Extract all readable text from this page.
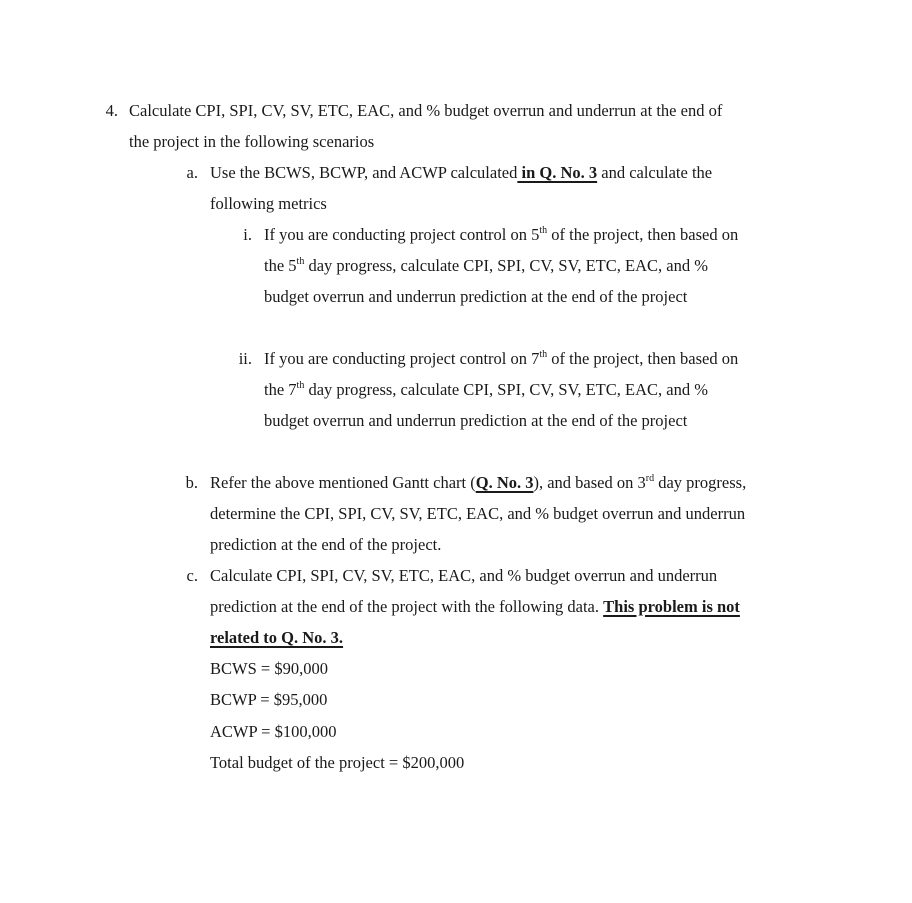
4. Calculate CPI, SPI, CV, SV, ETC, EAC, and % budget overrun and underrun at the end of
the project in the following scenarios
a. Use the BCWS, BCWP, and ACWP calculated in Q. No. 3 and calculate the
following metrics
i. If you are conducting project control on 5th of the project, then based on
the 5th day progress, calculate CPI, SPI, CV, SV, ETC, EAC, and %
budget overrun and underrun prediction at the end of the project
ii. If you are conducting project control on 7th of the project, then based on
the 7th day progress, calculate CPI, SPI, CV, SV, ETC, EAC, and %
budget overrun and underrun prediction at the end of the project
b. Refer the above mentioned Gantt chart (Q. No. 3), and based on 3rd day progress,
determine the CPI, SPI, CV, SV, ETC, EAC, and % budget overrun and underrun
prediction at the end of the project.
c. Calculate CPI, SPI, CV, SV, ETC, EAC, and % budget overrun and underrun
prediction at the end of the project with the following data. This problem is not
related to Q. No. 3.
BCWS = $90,000
BCWP = $95,000
ACWP = $100,000
Total budget of the project = $200,000
